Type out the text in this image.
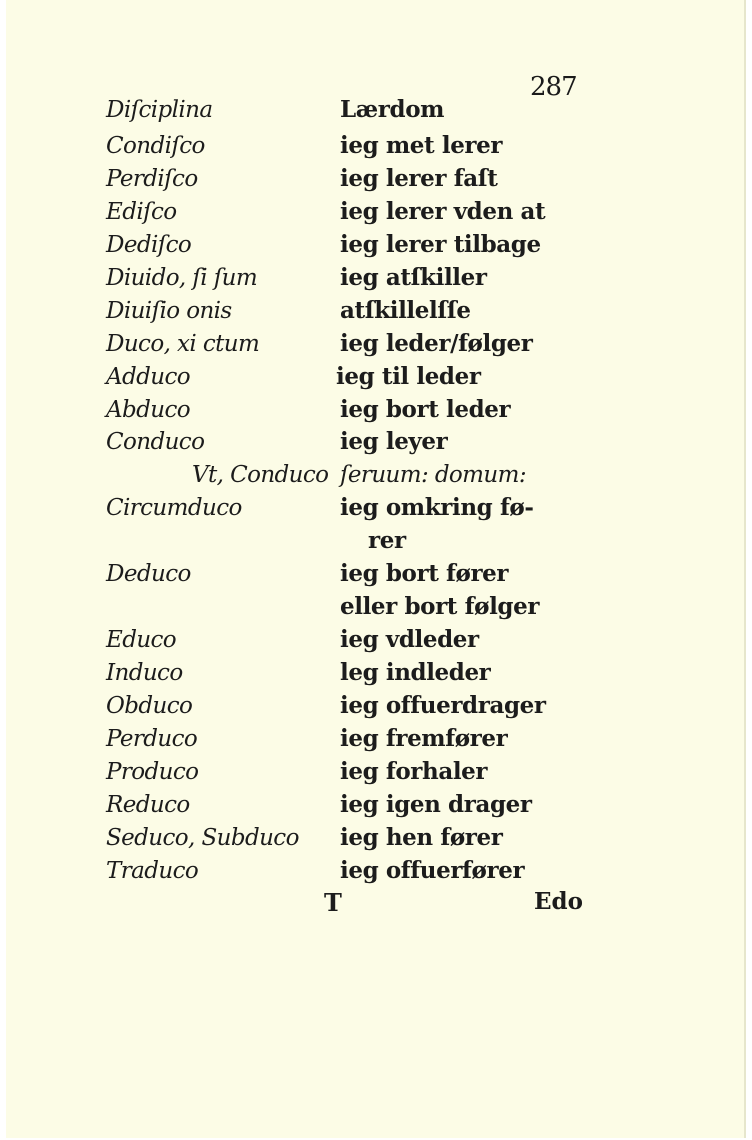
287
Diſciplina	Lærdom
Condiſco	ieg met lerer
Perdiſco	ieg lerer faſt
Ediſco	ieg lerer vden at
Dediſco	ieg lerer tilbage
Diuido, ſi ſum	ieg atſkiller
Diuiſio onis	atſkillelſſe
Duco, xi ctum	ieg leder/følger
Adduco	ieg til leder
Abduco	ieg bort leder
Conduco	ieg leyer
Vt, Conduco ſeruum: domum:
Circumduco	ieg omkring fø-
rer
Deduco	ieg bort fører
eller bort følger
Educo	ieg vdleder
Induco	leg indleder
Obduco	ieg offuerdrager
Perduco	ieg fremfører
Produco	ieg forhaler
Reduco	ieg igen drager
Seduco, Subduco ieg hen fører
Traduco	ieg offuerfører
T	Edo
